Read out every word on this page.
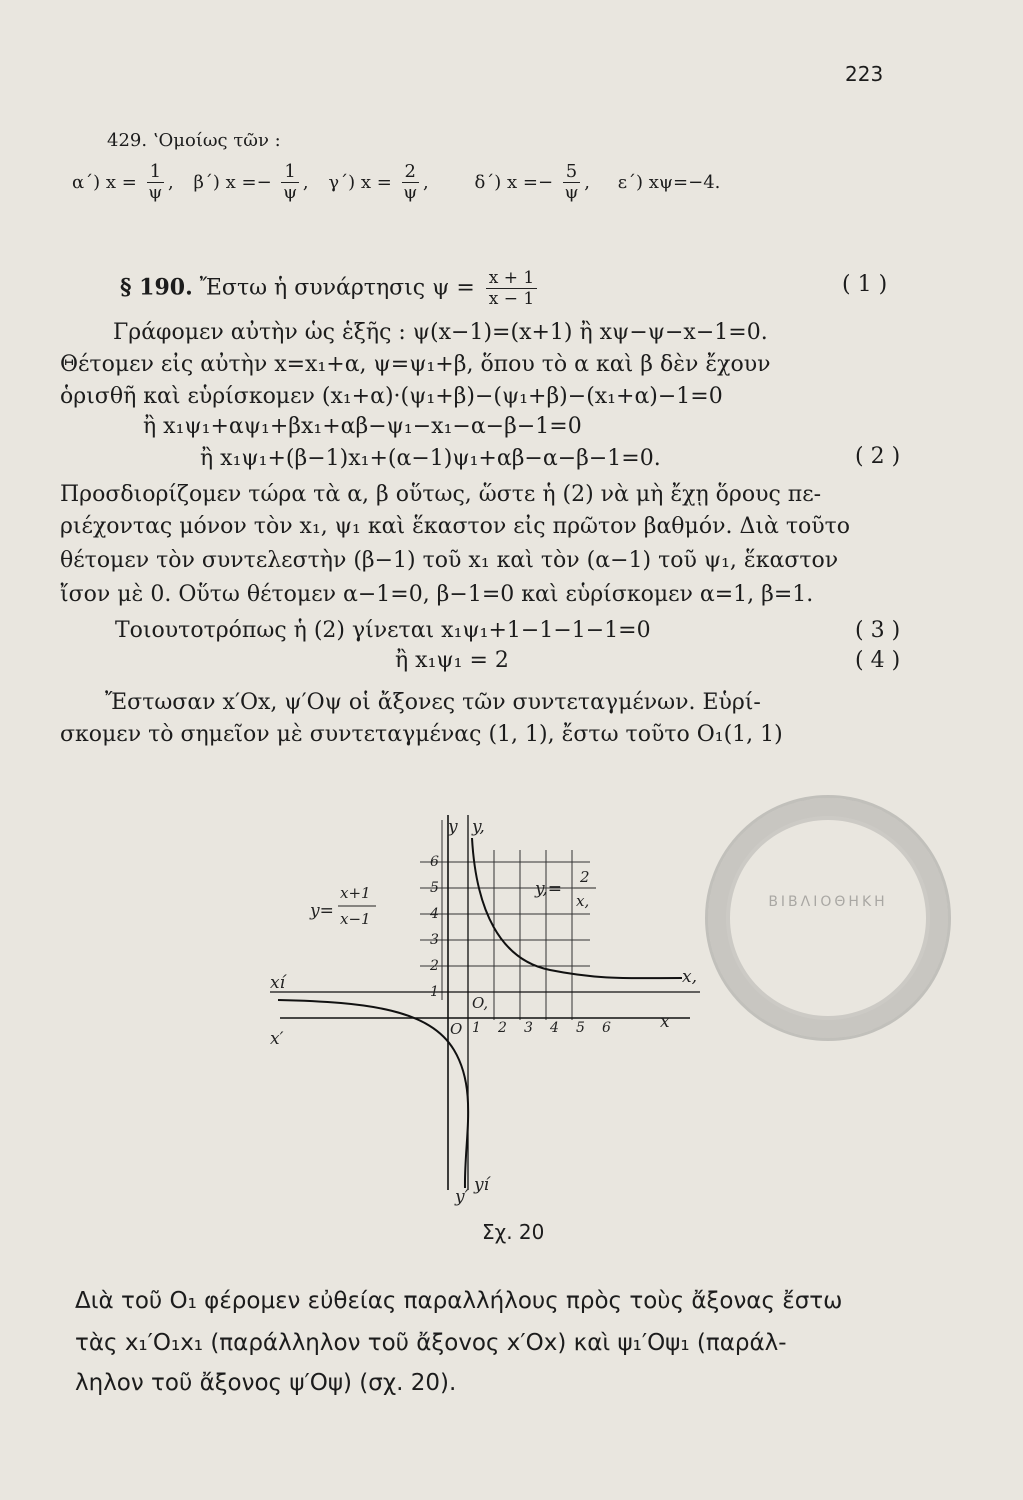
ΒΙΒΛΙΟΘΗΚΗ
223
429. ʽΟμοίως τῶν :
α΄) $x = \frac{1}{\psi}$ , β΄) $x =- \frac{1}{\psi}$ , γ΄) $x = \frac{2}{\psi}$ , δ΄) $x =- \frac{5}{\psi}$ , ε΄) xψ=−4.
§ 190. Ἔστω ἡ συνάρτησις $\psi = \frac{x + 1}{x - 1}$	( 1 )
Γράφομεν αὐτὴν ὡς ἑξῆς : ψ(x−1)=(x+1) ἢ xψ−ψ−x−1=0.
Θέτομεν εἰς αὐτὴν x=x₁+α, ψ=ψ₁+β, ὅπου τὸ α καὶ β δὲν ἔχουν
ὁρισθῆ καὶ εὑρίσκομεν (x₁+α)·(ψ₁+β)−(ψ₁+β)−(x₁+α)−1=0
ἢ x₁ψ₁+αψ₁+βx₁+αβ−ψ₁−x₁−α−β−1=0
ἢ x₁ψ₁+(β−1)x₁+(α−1)ψ₁+αβ−α−β−1=0.	( 2 )
Προσδιορίζομεν τώρα τὰ α, β οὕτως, ὥστε ἡ (2) νὰ μὴ ἔχῃ ὅρους πε-
ριέχοντας μόνον τὸν x₁, ψ₁ καὶ ἕκαστον εἰς πρῶτον βαθμόν. Διὰ τοῦτο
θέτομεν τὸν συντελεστὴν (β−1) τοῦ x₁ καὶ τὸν (α−1) τοῦ ψ₁, ἕκαστον
ἴσον μὲ 0. Οὕτω θέτομεν α−1=0, β−1=0 καὶ εὑρίσκομεν α=1, β=1.
Τοιουτοτρόπως ἡ (2) γίνεται x₁ψ₁+1−1−1−1=0	( 3 )
ἢ x₁ψ₁ = 2	( 4 )
Ἔστωσαν x′Ox, ψ′Oψ οἱ ἄξονες τῶν συντεταγμένων. Εὑρί-
σκομεν τὸ σημεῖον μὲ συντεταγμένας (1, 1), ἔστω τοῦτο O₁(1, 1)
y y,
x
x,
x′
xí
y′
yí
O
O,
1 2 3 4 5 6
1
2
3
4
5
6
y=
x+1
x−1
y,=
2
x,
Σχ. 20
Διὰ τοῦ O₁ φέρομεν εὐθείας παραλλήλους πρὸς τοὺς ἄξονας ἔστω
τὰς x₁′O₁x₁ (παράλληλον τοῦ ἄξοvος x′Ox) καὶ ψ₁′Oψ₁ (παράλ-
ληλον τοῦ ἄξονος ψ′Oψ) (σχ. 20).
